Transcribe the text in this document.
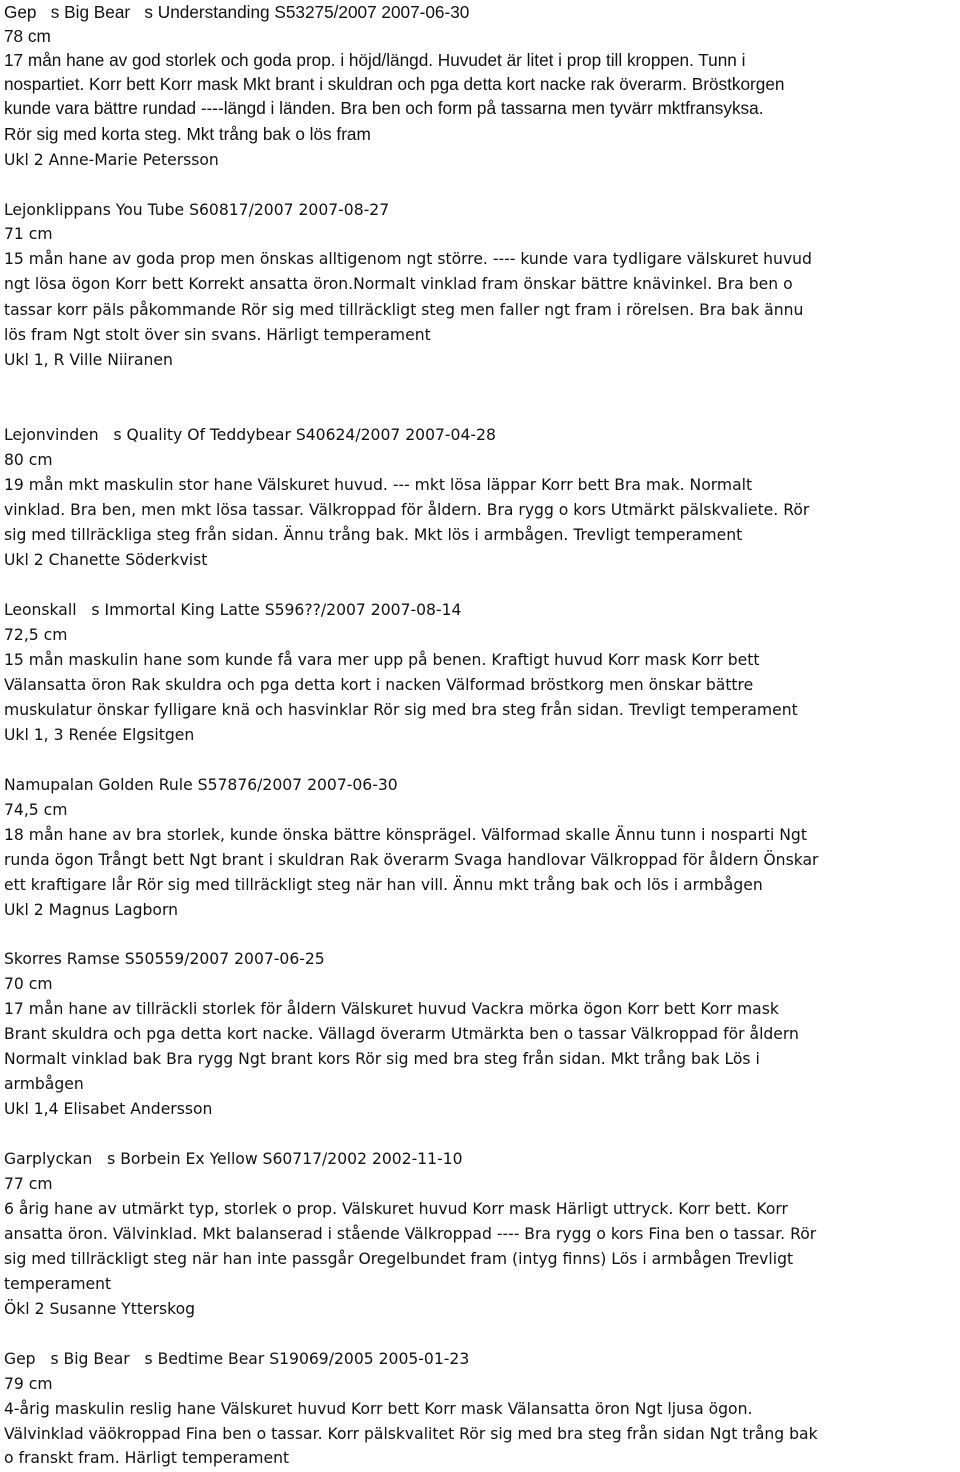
Gep   s Big Bear   s Understanding S53275/2007 2007-06-30
78 cm
17 mån hane av god storlek och goda prop. i höjd/längd. Huvudet är litet i prop till kroppen. Tunn i
nospartiet. Korr bett Korr mask Mkt brant i skuldran och pga detta kort nacke rak överarm. Bröstkorgen
kunde vara bättre rundad ----längd i länden. Bra ben och form på tassarna men tyvärr mktfransyksa.
Rör sig med korta steg. Mkt trång bak o lös fram
Ukl 2 Anne-Marie Petersson
Lejonklippans You Tube S60817/2007 2007-08-27
71 cm
15 mån hane av goda prop men önskas alltigenom ngt större. ---- kunde vara tydligare välskuret huvud
ngt lösa ögon Korr bett Korrekt ansatta öron.Normalt vinklad fram önskar bättre knävinkel. Bra ben o
tassar korr päls påkommande Rör sig med tillräckligt steg men faller ngt fram i rörelsen. Bra bak ännu
lös fram Ngt stolt över sin svans. Härligt temperament
Ukl 1, R Ville Niiranen
Lejonvinden   s Quality Of Teddybear S40624/2007 2007-04-28
80 cm
19 mån mkt maskulin stor hane Välskuret huvud. --- mkt lösa läppar Korr bett Bra mak. Normalt
vinklad. Bra ben, men mkt lösa tassar. Välkroppad för åldern. Bra rygg o kors Utmärkt pälskvaliete. Rör
sig med tillräckliga steg från sidan. Ännu trång bak. Mkt lös i armbågen. Trevligt temperament
Ukl 2 Chanette Söderkvist
Leonskall   s Immortal King Latte S596??/2007 2007-08-14
72,5 cm
15 mån maskulin hane som kunde få vara mer upp på benen. Kraftigt huvud Korr mask Korr bett
Välansatta öron Rak skuldra och pga detta kort i nacken Välformad bröstkorg men önskar bättre
muskulatur önskar fylligare knä och hasvinklar Rör sig med bra steg från sidan. Trevligt temperament
Ukl 1, 3 Renée Elgsitgen
Namupalan Golden Rule S57876/2007 2007-06-30
74,5 cm
18 mån hane av bra storlek, kunde önska bättre könsprägel. Välformad skalle Ännu tunn i nosparti Ngt
runda ögon Trångt bett Ngt brant i skuldran Rak överarm Svaga handlovar Välkroppad för åldern Önskar
ett kraftigare lår Rör sig med tillräckligt steg när han vill. Ännu mkt trång bak och lös i armbågen
Ukl 2 Magnus Lagborn
Skorres Ramse S50559/2007 2007-06-25
70 cm
17 mån hane av tillräckli storlek för åldern Välskuret huvud Vackra mörka ögon Korr bett Korr mask
Brant skuldra och pga detta kort nacke. Vällagd överarm Utmärkta ben o tassar Välkroppad för åldern
Normalt vinklad bak Bra rygg Ngt brant kors Rör sig med bra steg från sidan. Mkt trång bak Lös i
armbågen
Ukl 1,4 Elisabet Andersson
Garplyckan   s Borbein Ex Yellow S60717/2002 2002-11-10
77 cm
6 årig hane av utmärkt typ, storlek o prop. Välskuret huvud Korr mask Härligt uttryck. Korr bett. Korr
ansatta öron. Välvinklad. Mkt balanserad i stående Välkroppad ---- Bra rygg o kors Fina ben o tassar. Rör
sig med tillräckligt steg när han inte passgår Oregelbundet fram (intyg finns) Lös i armbågen Trevligt
temperament
Ökl 2 Susanne Ytterskog
Gep   s Big Bear   s Bedtime Bear S19069/2005 2005-01-23
79 cm
4-årig maskulin reslig hane Välskuret huvud Korr bett Korr mask Välansatta öron Ngt ljusa ögon.
Välvinklad väökroppad Fina ben o tassar. Korr pälskvalitet Rör sig med bra steg från sidan Ngt trång bak
o franskt fram. Härligt temperament
